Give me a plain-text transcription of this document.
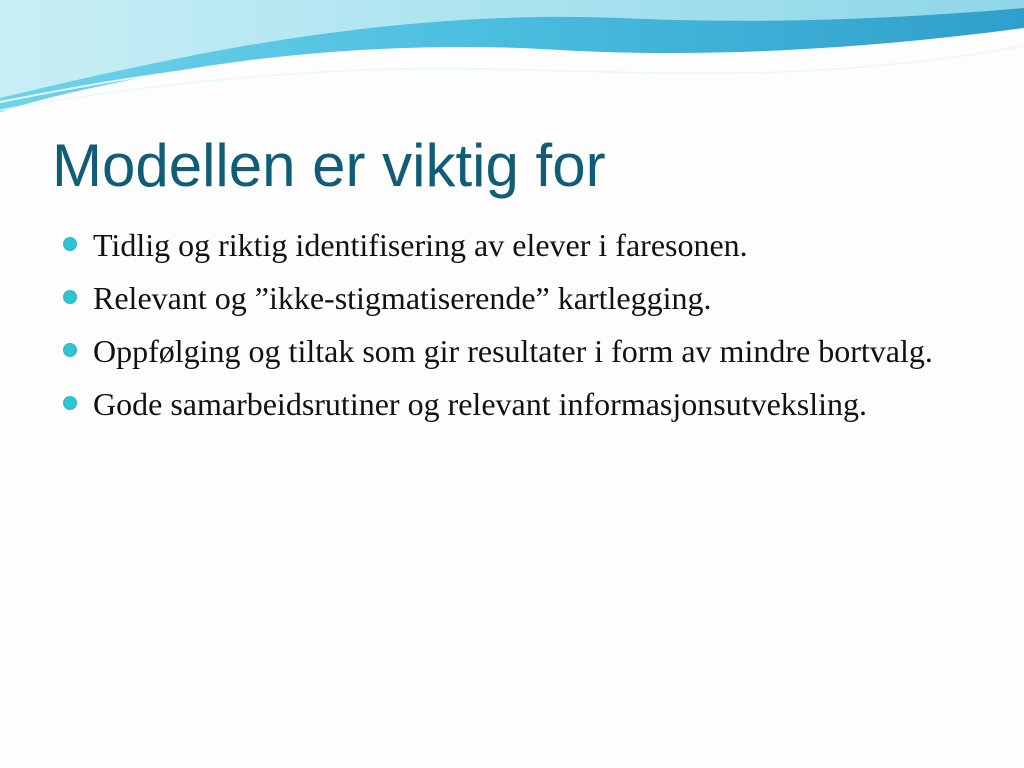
Modellen er viktig for
Tidlig og riktig identifisering av elever i faresonen.
Relevant og ”ikke-stigmatiserende” kartlegging.
Oppfølging og tiltak som gir resultater i form av mindre bortvalg.
Gode samarbeidsrutiner og relevant informasjonsutveksling.
